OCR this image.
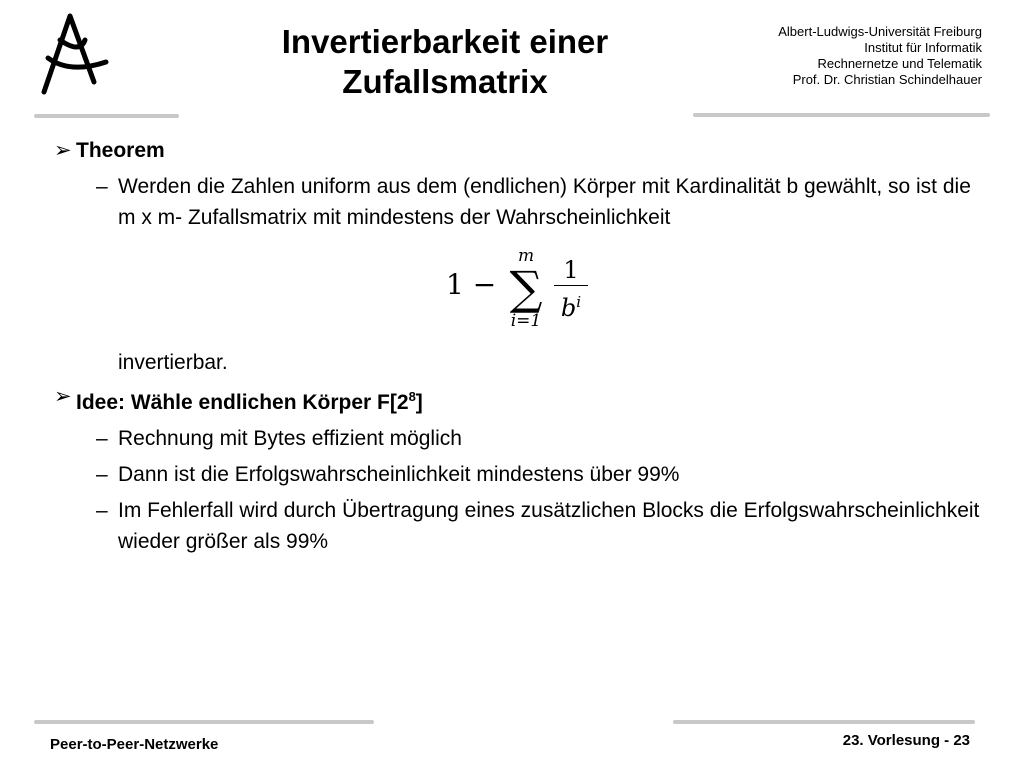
Invertierbarkeit einer
Zufallsmatrix
Albert-Ludwigs-Universität Freiburg
Institut für Informatik
Rechnernetze und Telematik
Prof. Dr. Christian Schindelhauer
➢ Theorem
– Werden die Zahlen uniform aus dem (endlichen) Körper mit Kardinalität b gewählt, so ist die m x m- Zufallsmatrix mit mindestens der Wahrscheinlichkeit
1 −
m
∑
$i=1 \frac{1}{b^i}$
invertierbar.
➢ Idee: Wähle endlichen Körper $F[2^8]$
– Rechnung mit Bytes effizient möglich
– Dann ist die Erfolgswahrscheinlichkeit mindestens über 99%
– Im Fehlerfall wird durch Übertragung eines zusätzlichen Blocks die Erfolgswahrscheinlichkeit wieder größer als 99%
Peer-to-Peer-Netzwerke	23. Vorlesung - 23
